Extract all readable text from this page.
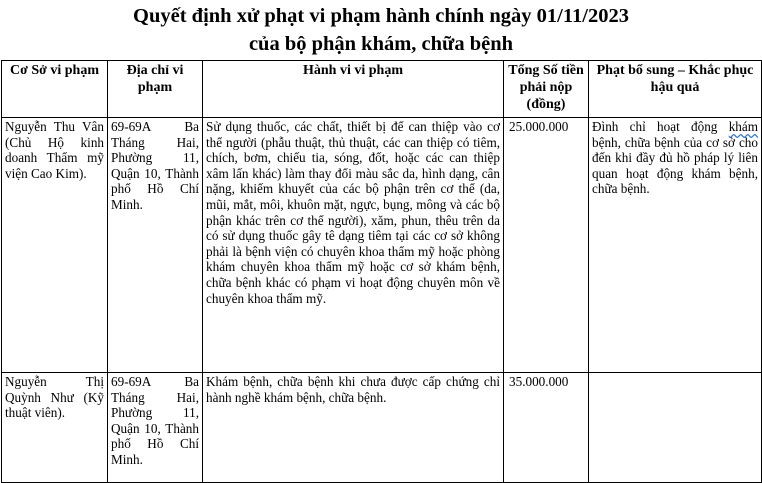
Quyết định xử phạt vi phạm hành chính ngày 01/11/2023
của bộ phận khám, chữa bệnh
Cơ Sở vi phạm	Địa chỉ vi phạm	Hành vi vi phạm	Tổng Số tiền phải nộp (đồng)	Phạt bổ sung – Khắc phục hậu quả
Nguyễn Thu Vân (Chủ Hộ kinh doanh Thẩm mỹ viện Cao Kim).	69-69A Ba Tháng Hai, Phường 11, Quận 10, Thành phố Hồ Chí Minh.	Sử dụng thuốc, các chất, thiết bị để can thiệp vào cơ thể người (phẫu thuật, thủ thuật, các can thiệp có tiêm, chích, bơm, chiếu tia, sóng, đốt, hoặc các can thiệp xâm lấn khác) làm thay đổi màu sắc da, hình dạng, cân nặng, khiếm khuyết của các bộ phận trên cơ thể (da, mũi, mắt, môi, khuôn mặt, ngực, bụng, mông và các bộ phận khác trên cơ thể người), xăm, phun, thêu trên da có sử dụng thuốc gây tê dạng tiêm tại các cơ sở không phải là bệnh viện có chuyên khoa thẩm mỹ hoặc phòng khám chuyên khoa thẩm mỹ hoặc cơ sở khám bệnh, chữa bệnh khác có phạm vi hoạt động chuyên môn về chuyên khoa thẩm mỹ.	25.000.000	Đình chỉ hoạt động khám bệnh, chữa bệnh của cơ sở cho đến khi đầy đủ hồ pháp lý liên quan hoạt động khám bệnh, chữa bệnh.
Nguyễn Thị Quỳnh Như (Kỹ thuật viên).	69-69A Ba Tháng Hai, Phường 11, Quận 10, Thành phố Hồ Chí Minh.	Khám bệnh, chữa bệnh khi chưa được cấp chứng chỉ hành nghề khám bệnh, chữa bệnh.	35.000.000	
